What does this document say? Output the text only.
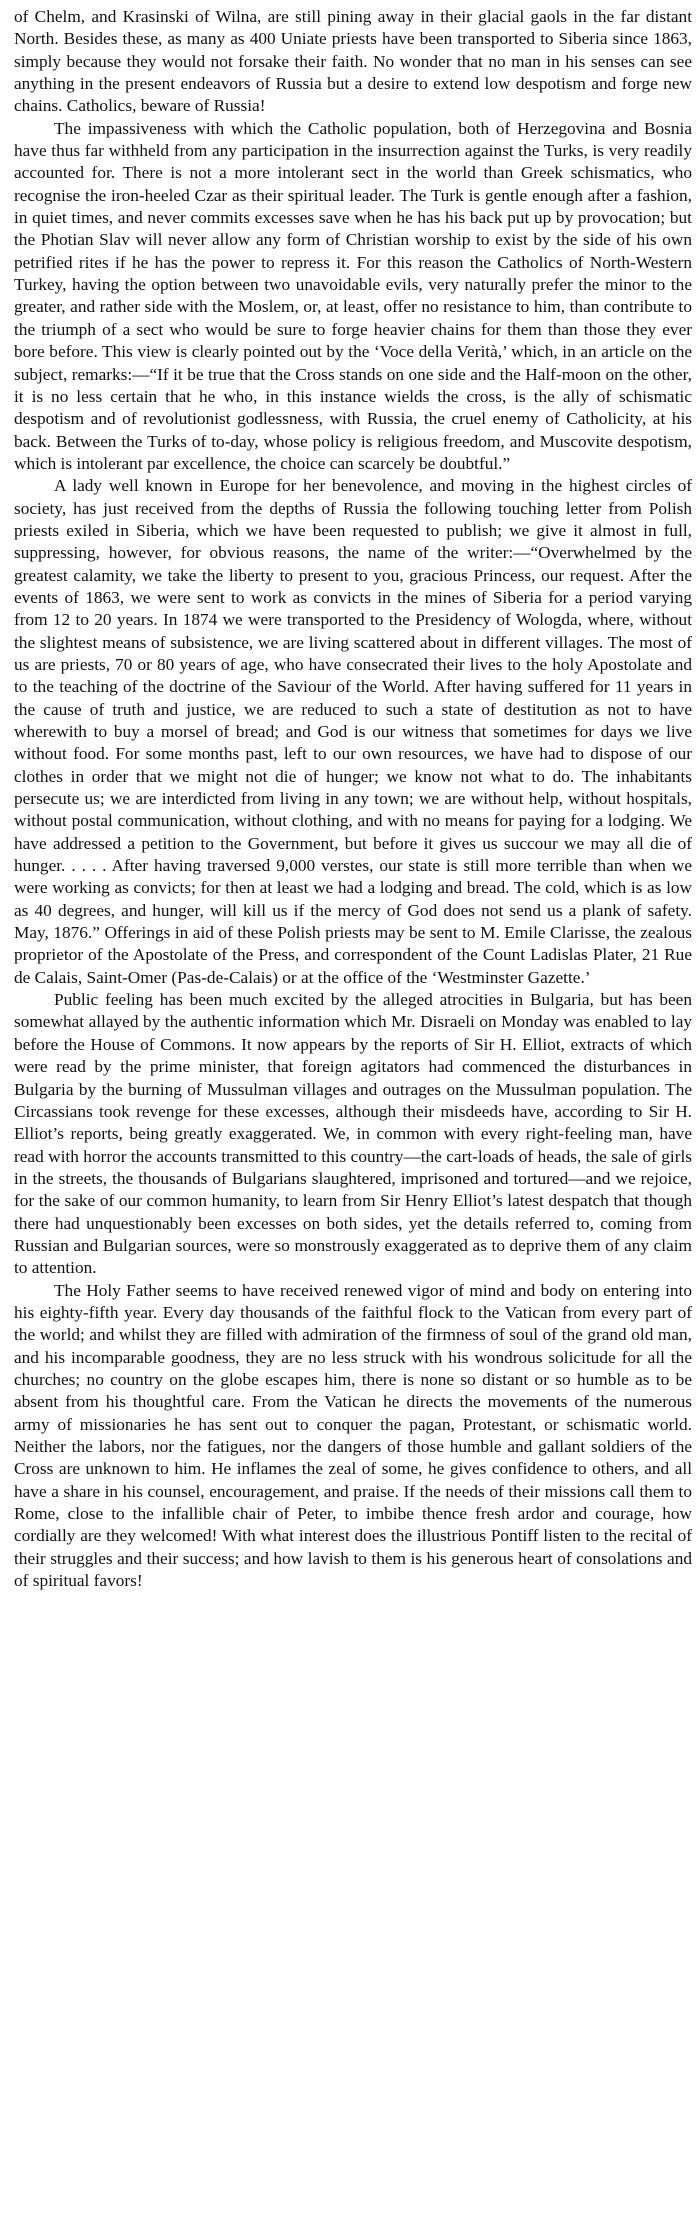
of Chelm, and Krasinski of Wilna, are still pining away in their glacial gaols in the far distant North. Besides these, as many as 400 Uniate priests have been transported to Siberia since 1863, simply because they would not forsake their faith. No wonder that no man in his senses can see anything in the present endeavors of Russia but a desire to extend low despotism and forge new chains. Catholics, beware of Russia!

The impassiveness with which the Catholic population, both of Herzegovina and Bosnia have thus far withheld from any participation in the insurrection against the Turks, is very readily accounted for. There is not a more intolerant sect in the world than Greek schismatics, who recognise the iron-heeled Czar as their spiritual leader. The Turk is gentle enough after a fashion, in quiet times, and never commits excesses save when he has his back put up by provocation; but the Photian Slav will never allow any form of Christian worship to exist by the side of his own petrified rites if he has the power to repress it. For this reason the Catholics of North-Western Turkey, having the option between two unavoidable evils, very naturally prefer the minor to the greater, and rather side with the Moslem, or, at least, offer no resistance to him, than contribute to the triumph of a sect who would be sure to forge heavier chains for them than those they ever bore before. This view is clearly pointed out by the ‘Voce della Verità,’ which, in an article on the subject, remarks:—“If it be true that the Cross stands on one side and the Half-moon on the other, it is no less certain that he who, in this instance wields the cross, is the ally of schismatic despotism and of revolutionist godlessness, with Russia, the cruel enemy of Catholicity, at his back. Between the Turks of to-day, whose policy is religious freedom, and Muscovite despotism, which is intolerant par excellence, the choice can scarcely be doubtful.”

A lady well known in Europe for her benevolence, and moving in the highest circles of society, has just received from the depths of Russia the following touching letter from Polish priests exiled in Siberia, which we have been requested to publish; we give it almost in full, suppressing, however, for obvious reasons, the name of the writer:—“Overwhelmed by the greatest calamity, we take the liberty to present to you, gracious Princess, our request. After the events of 1863, we were sent to work as convicts in the mines of Siberia for a period varying from 12 to 20 years. In 1874 we were transported to the Presidency of Wologda, where, without the slightest means of subsistence, we are living scattered about in different villages. The most of us are priests, 70 or 80 years of age, who have consecrated their lives to the holy Apostolate and to the teaching of the doctrine of the Saviour of the World. After having suffered for 11 years in the cause of truth and justice, we are reduced to such a state of destitution as not to have wherewith to buy a morsel of bread; and God is our witness that sometimes for days we live without food. For some months past, left to our own resources, we have had to dispose of our clothes in order that we might not die of hunger; we know not what to do. The inhabitants persecute us; we are interdicted from living in any town; we are without help, without hospitals, without postal communication, without clothing, and with no means for paying for a lodging. We have addressed a petition to the Government, but before it gives us succour we may all die of hunger. . . . . After having traversed 9,000 verstes, our state is still more terrible than when we were working as convicts; for then at least we had a lodging and bread. The cold, which is as low as 40 degrees, and hunger, will kill us if the mercy of God does not send us a plank of safety. May, 1876.” Offerings in aid of these Polish priests may be sent to M. Emile Clarisse, the zealous proprietor of the Apostolate of the Press, and correspondent of the Count Ladislas Plater, 21 Rue de Calais, Saint-Omer (Pas-de-Calais) or at the office of the ‘Westminster Gazette.’

Public feeling has been much excited by the alleged atrocities in Bulgaria, but has been somewhat allayed by the authentic information which Mr. Disraeli on Monday was enabled to lay before the House of Commons. It now appears by the reports of Sir H. Elliot, extracts of which were read by the prime minister, that foreign agitators had commenced the disturbances in Bulgaria by the burning of Mussulman villages and outrages on the Mussulman population. The Circassians took revenge for these excesses, although their misdeeds have, according to Sir H. Elliot’s reports, being greatly exaggerated. We, in common with every right-feeling man, have read with horror the accounts transmitted to this country—the cart-loads of heads, the sale of girls in the streets, the thousands of Bulgarians slaughtered, imprisoned and tortured—and we rejoice, for the sake of our common humanity, to learn from Sir Henry Elliot’s latest despatch that though there had unquestionably been excesses on both sides, yet the details referred to, coming from Russian and Bulgarian sources, were so monstrously exaggerated as to deprive them of any claim to attention.

The Holy Father seems to have received renewed vigor of mind and body on entering into his eighty-fifth year. Every day thousands of the faithful flock to the Vatican from every part of the world; and whilst they are filled with admiration of the firmness of soul of the grand old man, and his incomparable goodness, they are no less struck with his wondrous solicitude for all the churches; no country on the globe escapes him, there is none so distant or so humble as to be absent from his thoughtful care. From the Vatican he directs the movements of the numerous army of missionaries he has sent out to conquer the pagan, Protestant, or schismatic world. Neither the labors, nor the fatigues, nor the dangers of those humble and gallant soldiers of the Cross are unknown to him. He inflames the zeal of some, he gives confidence to others, and all have a share in his counsel, encouragement, and praise. If the needs of their missions call them to Rome, close to the infallible chair of Peter, to imbibe thence fresh ardor and courage, how cordially are they welcomed! With what interest does the illustrious Pontiff listen to the recital of their struggles and their success; and how lavish to them is his generous heart of consolations and of spiritual favors!
